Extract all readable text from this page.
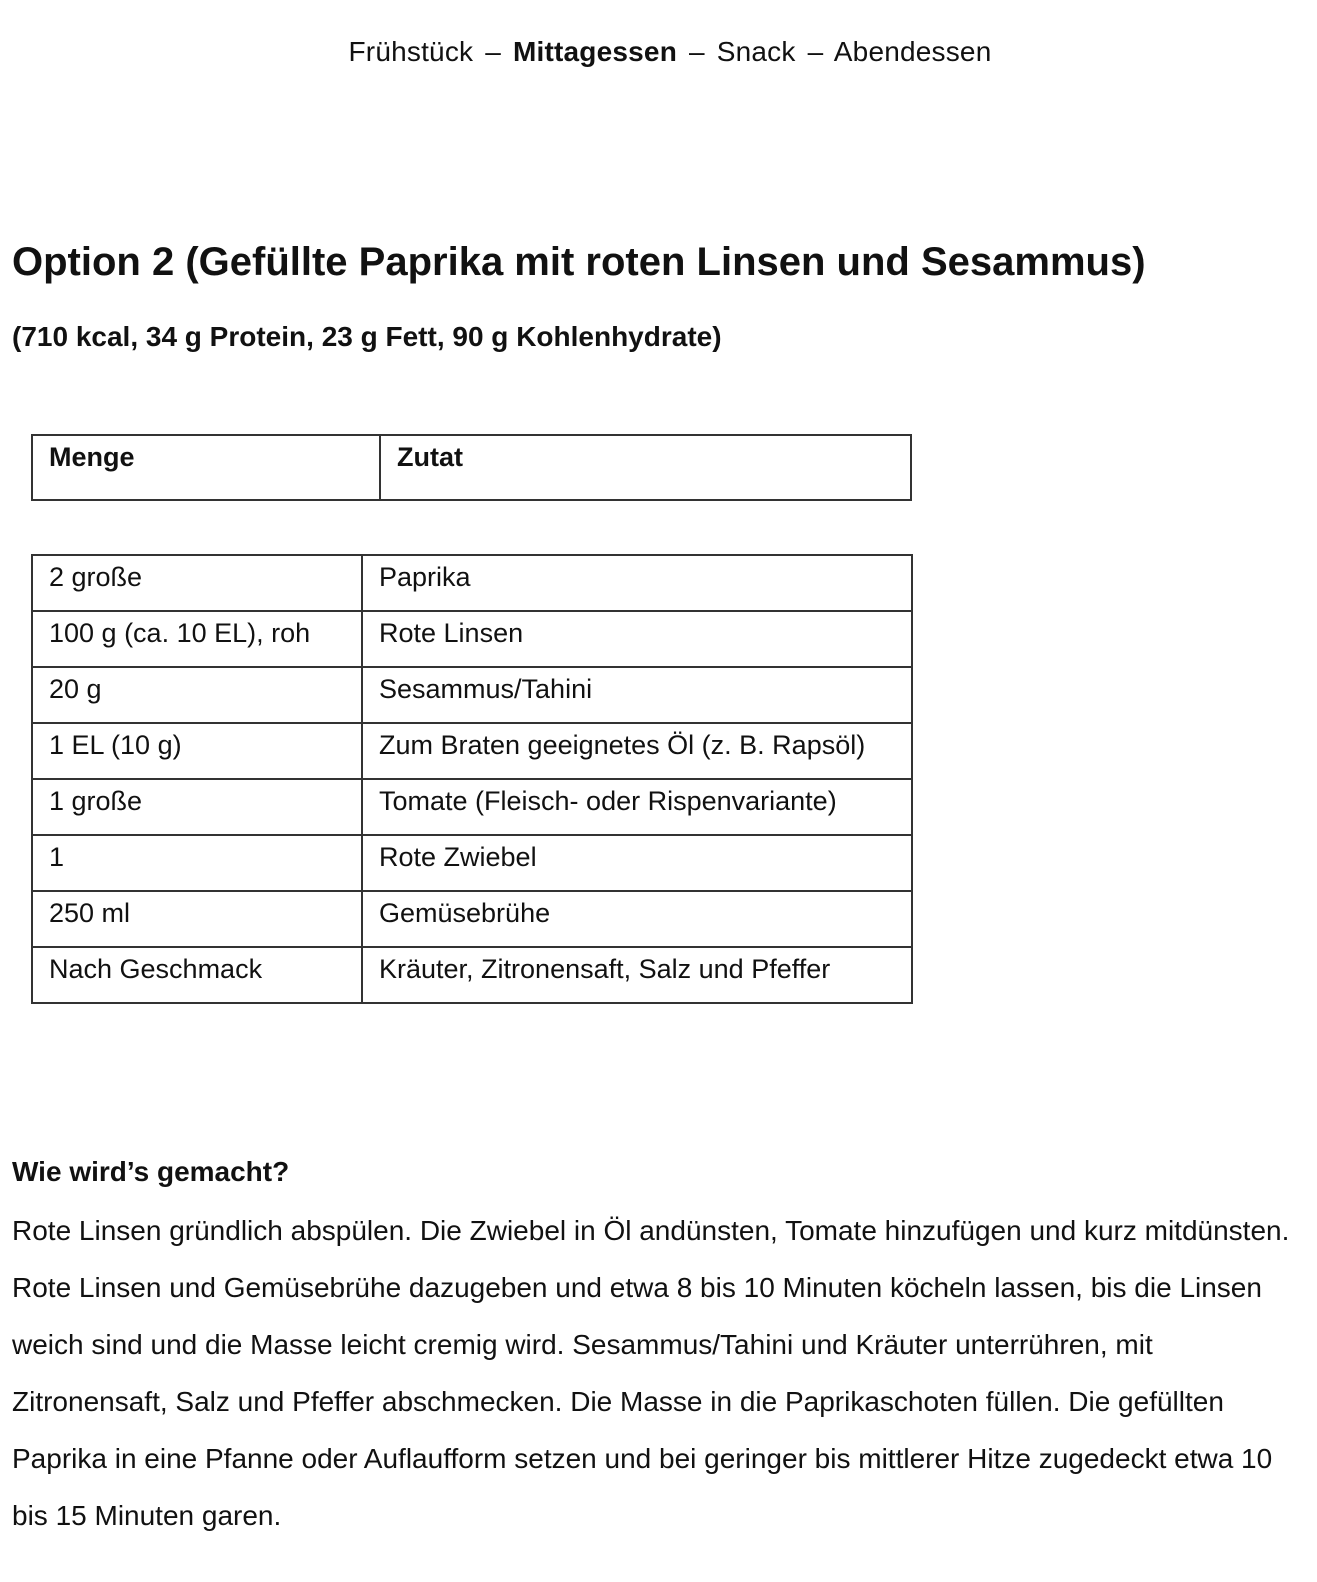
Frühstück – Mittagessen – Snack – Abendessen
Option 2 (Gefüllte Paprika mit roten Linsen und Sesammus)

(710 kcal, 34 g Protein, 23 g Fett, 90 g Kohlenhydrate)

Menge	Zutat
2 große	Paprika
100 g (ca. 10 EL), roh	Rote Linsen
20 g	Sesammus/Tahini
1 EL (10 g)	Zum Braten geeignetes Öl (z. B. Rapsöl)
1 große	Tomate (Fleisch- oder Rispenvariante)
1	Rote Zwiebel
250 ml	Gemüsebrühe
Nach Geschmack	Kräuter, Zitronensaft, Salz und Pfeffer
Wie wird’s gemacht?

Rote Linsen gründlich abspülen. Die Zwiebel in Öl andünsten, Tomate hinzufügen und kurz mitdünsten. Rote Linsen und Gemüsebrühe dazugeben und etwa 8 bis 10 Minuten köcheln lassen, bis die Linsen weich sind und die Masse leicht cremig wird. Sesammus/Tahini und Kräuter unterrühren, mit Zitronensaft, Salz und Pfeffer abschmecken. Die Masse in die Paprikaschoten füllen. Die gefüllten Paprika in eine Pfanne oder Auflaufform setzen und bei geringer bis mittlerer Hitze zugedeckt etwa 10 bis 15 Minuten garen.
